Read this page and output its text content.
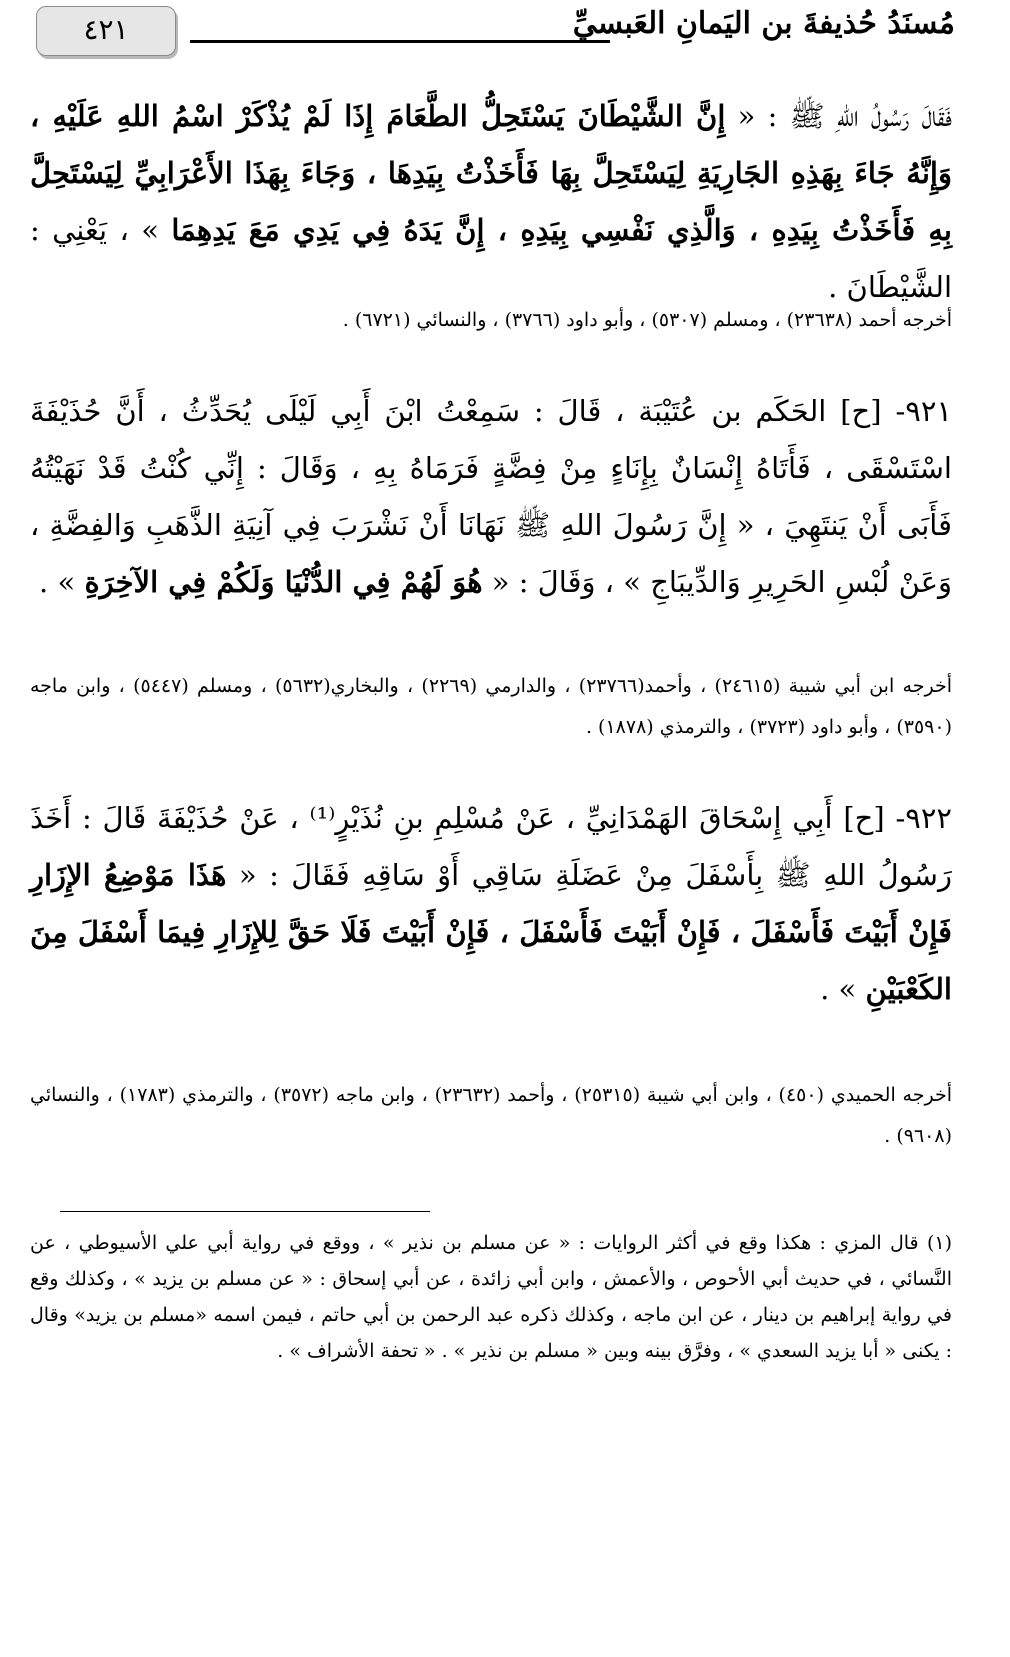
٤٢١	مُسنَدُ حُذيفةَ بن اليَمانِ العَبسيِّ
فَقَالَ رَسُولُ اللهِ ﷺ : « إِنَّ الشَّيْطَانَ يَسْتَحِلُّ الطَّعَامَ إِذَا لَمْ يُذْكَرْ اسْمُ اللهِ عَلَيْهِ ، وَإِنَّهُ جَاءَ بِهَذِهِ الجَارِيَةِ لِيَسْتَحِلَّ بِهَا فَأَخَذْتُ بِيَدِهَا ، وَجَاءَ بِهَذَا الأَعْرَابِيِّ لِيَسْتَحِلَّ بِهِ فَأَخَذْتُ بِيَدِهِ ، وَالَّذِي نَفْسِي بِيَدِهِ ، إِنَّ يَدَهُ فِي يَدِي مَعَ يَدِهِمَا » ، يَعْنِي : الشَّيْطَانَ .
أخرجه أحمد (٢٣٦٣٨) ، ومسلم (٥٣٠٧) ، وأبو داود (٣٧٦٦) ، والنسائي (٦٧٢١) .
٩٢١- [ح] الحَكَم بن عُتَيْبَة ، قَالَ : سَمِعْتُ ابْنَ أَبِي لَيْلَى يُحَدِّثُ ، أَنَّ حُذَيْفَةَ اسْتَسْقَى ، فَأَتَاهُ إِنْسَانٌ بِإِنَاءٍ مِنْ فِضَّةٍ فَرَمَاهُ بِهِ ، وَقَالَ : إِنِّي كُنْتُ قَدْ نَهَيْتُهُ فَأَبَى أَنْ يَنتَهِيَ ، « إِنَّ رَسُولَ اللهِ ﷺ نَهَانَا أَنْ نَشْرَبَ فِي آنِيَةِ الذَّهَبِ وَالفِضَّةِ ، وَعَنْ لُبْسِ الحَرِيرِ وَالدِّيبَاجِ » ، وَقَالَ : « هُوَ لَهُمْ فِي الدُّنْيَا وَلَكُمْ فِي الآخِرَةِ » .
أخرجه ابن أبي شيبة (٢٤٦١٥) ، وأحمد(٢٣٧٦٦) ، والدارمي (٢٢٦٩) ، والبخاري(٥٦٣٢) ، ومسلم (٥٤٤٧) ، وابن ماجه (٣٥٩٠) ، وأبو داود (٣٧٢٣) ، والترمذي (١٨٧٨) .
٩٢٢- [ح] أَبِي إِسْحَاقَ الهَمْدَانِيِّ ، عَنْ مُسْلِمِ بنِ نُذَيْرٍ⁽¹⁾ ، عَنْ حُذَيْفَةَ قَالَ : أَخَذَ رَسُولُ اللهِ ﷺ بِأَسْفَلَ مِنْ عَضَلَةِ سَاقِي أَوْ سَاقِهِ فَقَالَ : « هَذَا مَوْضِعُ الإِزَارِ فَإِنْ أَبَيْتَ فَأَسْفَلَ ، فَإِنْ أَبَيْتَ فَأَسْفَلَ ، فَإِنْ أَبَيْتَ فَلَا حَقَّ لِلإِزَارِ فِيمَا أَسْفَلَ مِنَ الكَعْبَيْنِ » .
أخرجه الحميدي (٤٥٠) ، وابن أبي شيبة (٢٥٣١٥) ، وأحمد (٢٣٦٣٢) ، وابن ماجه (٣٥٧٢) ، والترمذي (١٧٨٣) ، والنسائي (٩٦٠٨) .
(١) قال المزي : هكذا وقع في أكثر الروايات : « عن مسلم بن نذير » ، ووقع في رواية أبي علي الأسيوطي ، عن النَّسائي ، في حديث أبي الأحوص ، والأعمش ، وابن أبي زائدة ، عن أبي إسحاق : « عن مسلم بن يزيد » ، وكذلك وقع في رواية إبراهيم بن دينار ، عن ابن ماجه ، وكذلك ذكره عبد الرحمن بن أبي حاتم ، فيمن اسمه «مسلم بن يزيد» وقال : يكنى « أبا يزيد السعدي » ، وفرَّق بينه وبين « مسلم بن نذير » . « تحفة الأشراف » .
